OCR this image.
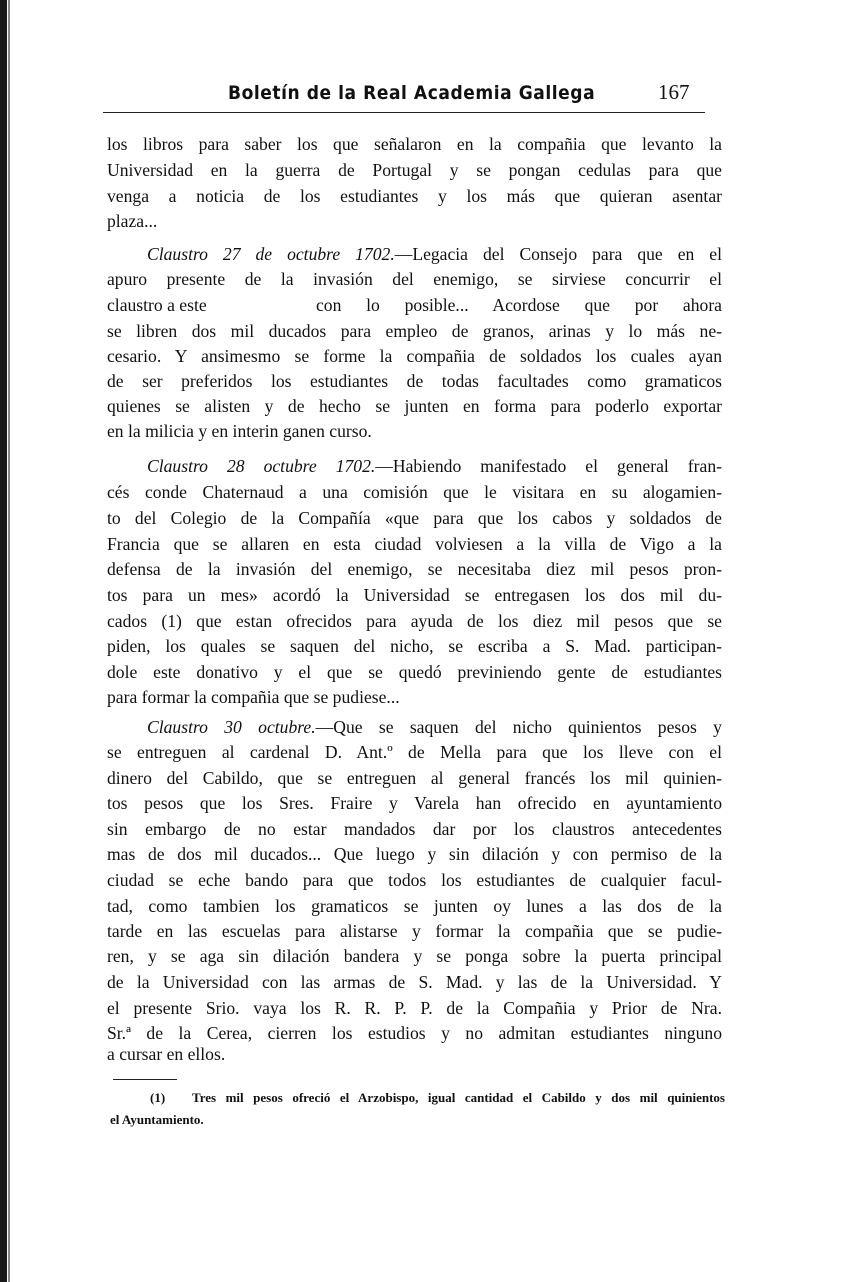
Boletín de la Real Academia Gallega	167
los libros para saber los que señalaron en la compañia que levanto la
Universidad en la guerra de Portugal y se pongan cedulas para que
venga a noticia de los estudiantes y los más que quieran asentar
plaza...
Claustro 27 de octubre 1702.—Legacia del Consejo para que en el
apuro presente de la invasión del enemigo, se sirviese concurrir el
con lo posible... Acordose que por ahora
claustro a este
se libren dos mil ducados para empleo de granos, arinas y lo más ne-
cesario. Y ansimesmo se forme la compañia de soldados los cuales ayan
de ser preferidos los estudiantes de todas facultades como gramaticos
quienes se alisten y de hecho se junten en forma para poderlo exportar
en la milicia y en interin ganen curso.
Claustro 28 octubre 1702.—Habiendo manifestado el general fran-
cés conde Chaternaud a una comisión que le visitara en su alogamien-
to del Colegio de la Compañía «que para que los cabos y soldados de
Francia que se allaren en esta ciudad volviesen a la villa de Vigo a la
defensa de la invasión del enemigo, se necesitaba diez mil pesos pron-
tos para un mes» acordó la Universidad se entregasen los dos mil du-
cados (1) que estan ofrecidos para ayuda de los diez mil pesos que se
piden, los quales se saquen del nicho, se escriba a S. Mad. participan-
dole este donativo y el que se quedó previniendo gente de estudiantes
para formar la compañia que se pudiese...
Claustro 30 octubre.—Que se saquen del nicho quinientos pesos y
se entreguen al cardenal D. Ant.º de Mella para que los lleve con el
dinero del Cabildo, que se entreguen al general francés los mil quinien-
tos pesos que los Sres. Fraire y Varela han ofrecido en ayuntamiento
sin embargo de no estar mandados dar por los claustros antecedentes
mas de dos mil ducados... Que luego y sin dilación y con permiso de la
ciudad se eche bando para que todos los estudiantes de cualquier facul-
tad, como tambien los gramaticos se junten oy lunes a las dos de la
tarde en las escuelas para alistarse y formar la compañia que se pudie-
ren, y se aga sin dilación bandera y se ponga sobre la puerta principal
de la Universidad con las armas de S. Mad. y las de la Universidad. Y
el presente Srio. vaya los R. R. P. P. de la Compañia y Prior de Nra.
Sr.ª de la Cerea, cierren los estudios y no admitan estudiantes ninguno
a cursar en ellos.
(1) Tres mil pesos ofreció el Arzobispo, igual cantidad el Cabildo y dos mil quinientos
el Ayuntamiento.
